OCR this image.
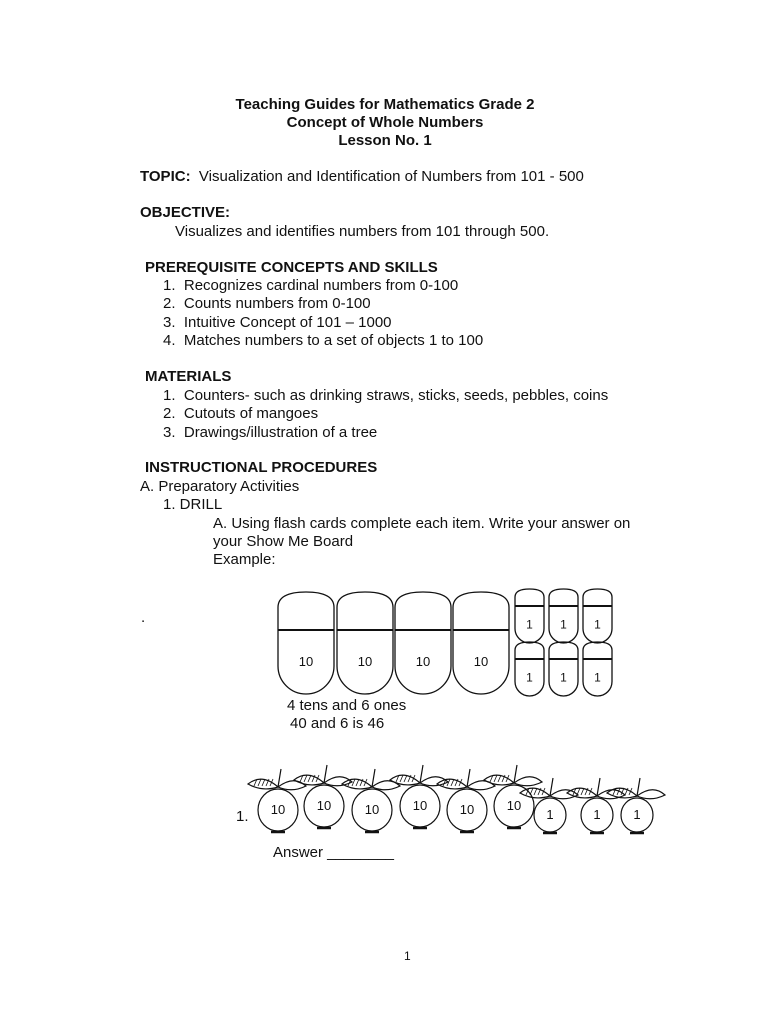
Teaching Guides for Mathematics Grade 2
Concept of Whole Numbers
Lesson No. 1
TOPIC: Visualization and Identification of Numbers from 101 - 500
OBJECTIVE:
Visualizes and identifies numbers from 101 through 500.
PREREQUISITE CONCEPTS AND SKILLS
1. Recognizes cardinal numbers from 0-100
2. Counts numbers from 0-100
3. Intuitive Concept of 101 – 1000
4. Matches numbers to a set of objects 1 to 100
MATERIALS
1. Counters- such as drinking straws, sticks, seeds, pebbles, coins
2. Cutouts of mangoes
3. Drawings/illustration of a tree
INSTRUCTIONAL PROCEDURES
A. Preparatory Activities
1. DRILL
A. Using flash cards complete each item. Write your answer on
your Show Me Board
Example:
.
10	10	10	10
1 1 1
1 1 1
10 10	10	10	10	10
1	1	1
4 tens and 6 ones
40 and 6 is 46
1.
Answer ________
1
